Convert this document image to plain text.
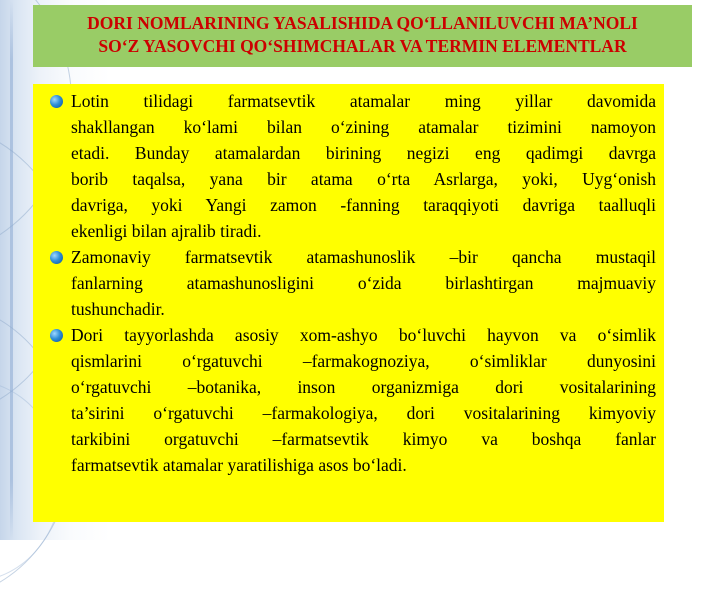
DORI NOMLARINING YASALISHIDA QO‘LLANILUVCHI MA’NOLI
SO‘Z YASOVCHI QO‘SHIMCHALAR VA TERMIN ELEMENTLAR
Lotin tilidagi farmatsevtik atamalar ming yillar davomida
shakllangan ko‘lami bilan o‘zining atamalar tizimini namoyon
etadi. Bunday atamalardan birining negizi eng qadimgi davrga
borib taqalsa, yana bir atama o‘rta Asrlarga, yoki, Uyg‘onish
davriga, yoki Yangi zamon -fanning taraqqiyoti davriga taalluqli
ekenligi bilan ajralib tiradi.
Zamonaviy farmatsevtik atamashunoslik –bir qancha mustaqil
fanlarning atamashunosligini o‘zida birlashtirgan majmuaviy
tushunchadir.
Dori tayyorlashda asosiy xom-ashyo bo‘luvchi hayvon va o‘simlik
qismlarini o‘rgatuvchi –farmakognoziya, o‘simliklar dunyosini
o‘rgatuvchi –botanika, inson organizmiga dori vositalarining
ta’sirini o‘rgatuvchi –farmakologiya, dori vositalarining kimyoviy
tarkibini orgatuvchi –farmatsevtik kimyo va boshqa fanlar
farmatsevtik atamalar yaratilishiga asos bo‘ladi.
